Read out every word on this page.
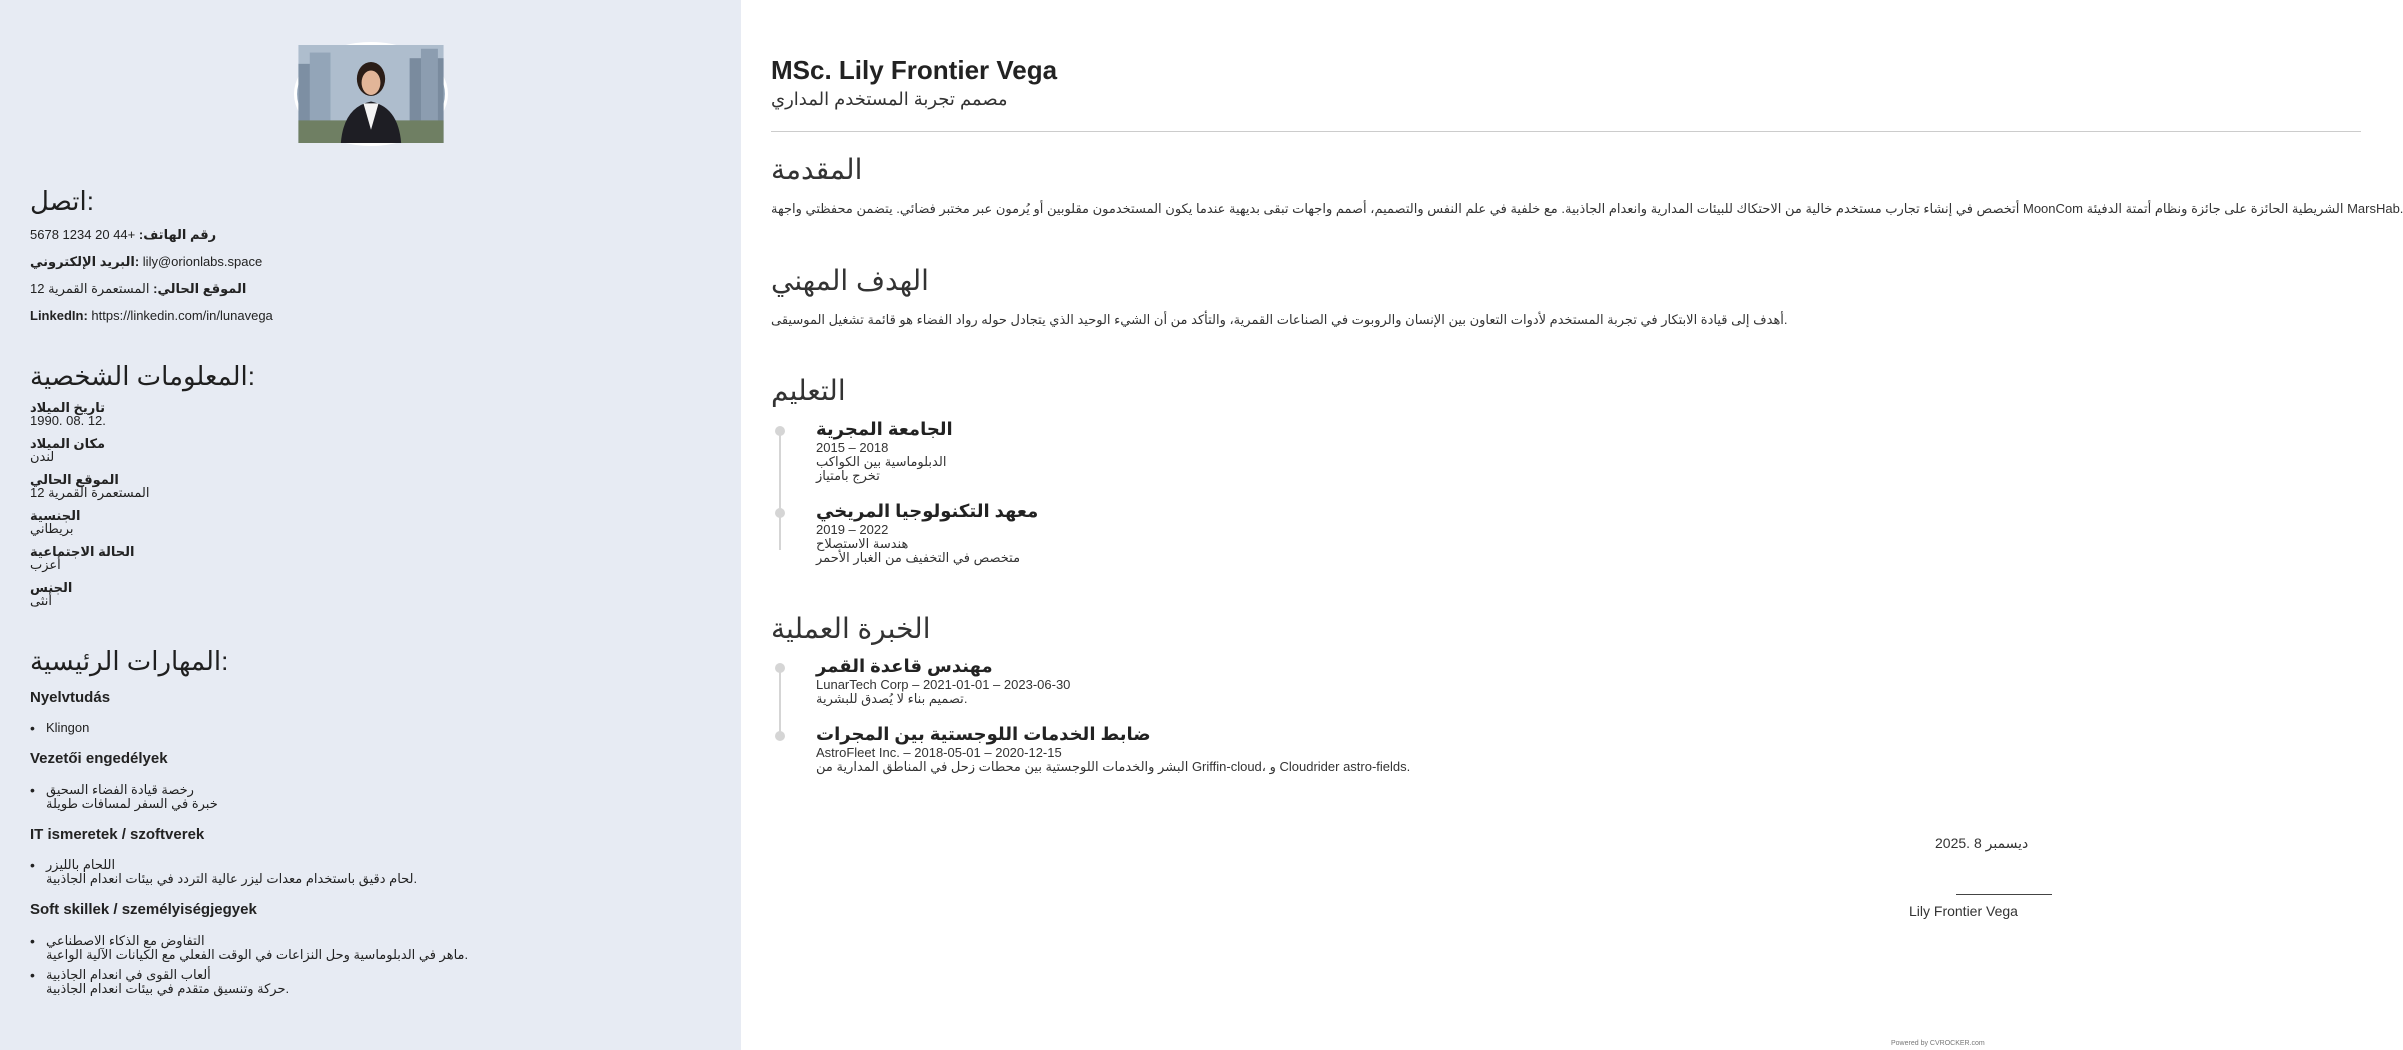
اتصل:
رقم الهاتف: +44 20 1234 5678
البريد الإلكتروني: lily@orionlabs.space
الموقع الحالي: المستعمرة القمرية 12
LinkedIn: https://linkedin.com/in/lunavega
المعلومات الشخصية:
تاريخ الميلاد
1990. 08. 12.
مكان الميلاد
لندن
الموقع الحالي
المستعمرة القمرية 12
الجنسية
بريطاني
الحالة الاجتماعية
أعزب
الجنس
أنثى
المهارات الرئيسية:
Nyelvtudás
• Klingon
Vezetői engedélyek
• رخصة قيادة الفضاء السحيق
خبرة في السفر لمسافات طويلة
IT ismeretek / szoftverek
• اللحام بالليزر
لحام دقيق باستخدام معدات ليزر عالية التردد في بيئات انعدام الجاذبية.
Soft skillek / személyiségjegyek
• التفاوض مع الذكاء الاصطناعي
ماهر في الدبلوماسية وحل النزاعات في الوقت الفعلي مع الكيانات الآلية الواعية.
• ألعاب القوى في انعدام الجاذبية
حركة وتنسيق متقدم في بيئات انعدام الجاذبية.
MSc. Lily Frontier Vega
مصمم تجربة المستخدم المداري
المقدمة

أتخصص في إنشاء تجارب مستخدم خالية من الاحتكاك للبيئات المدارية وانعدام الجاذبية. مع خلفية في علم النفس والتصميم، أصمم واجهات تبقى بديهية عندما يكون المستخدمون مقلوبين أو يُرمون عبر مختبر فضائي. يتضمن محفظتي واجهة MoonCom الشريطية الحائزة على جائزة ونظام أتمتة الدفيئة MarsHab.

الهدف المهني

أهدف إلى قيادة الابتكار في تجربة المستخدم لأدوات التعاون بين الإنسان والروبوت في الصناعات القمرية، والتأكد من أن الشيء الوحيد الذي يتجادل حوله رواد الفضاء هو قائمة تشغيل الموسيقى.

التعليم
الجامعة المجرية
2015 – 2018
الدبلوماسية بين الكواكب
تخرج بامتياز
معهد التكنولوجيا المريخي
2019 – 2022
هندسة الاستصلاح
متخصص في التخفيف من الغبار الأحمر
الخبرة العملية
مهندس قاعدة القمر
LunarTech Corp – 2021-01-01 – 2023-06-30
تصميم بناء لا يُصدق للبشرية.
ضابط الخدمات اللوجستية بين المجرات
AstroFleet Inc. – 2018-05-01 – 2020-12-15
البشر والخدمات اللوجستية بين محطات زحل في المناطق المدارية من Griffin-cloud، و Cloudrider astro-fields.
ديسمبر 8 .2025
Lily Frontier Vega
Powered by CVROCKER.com
